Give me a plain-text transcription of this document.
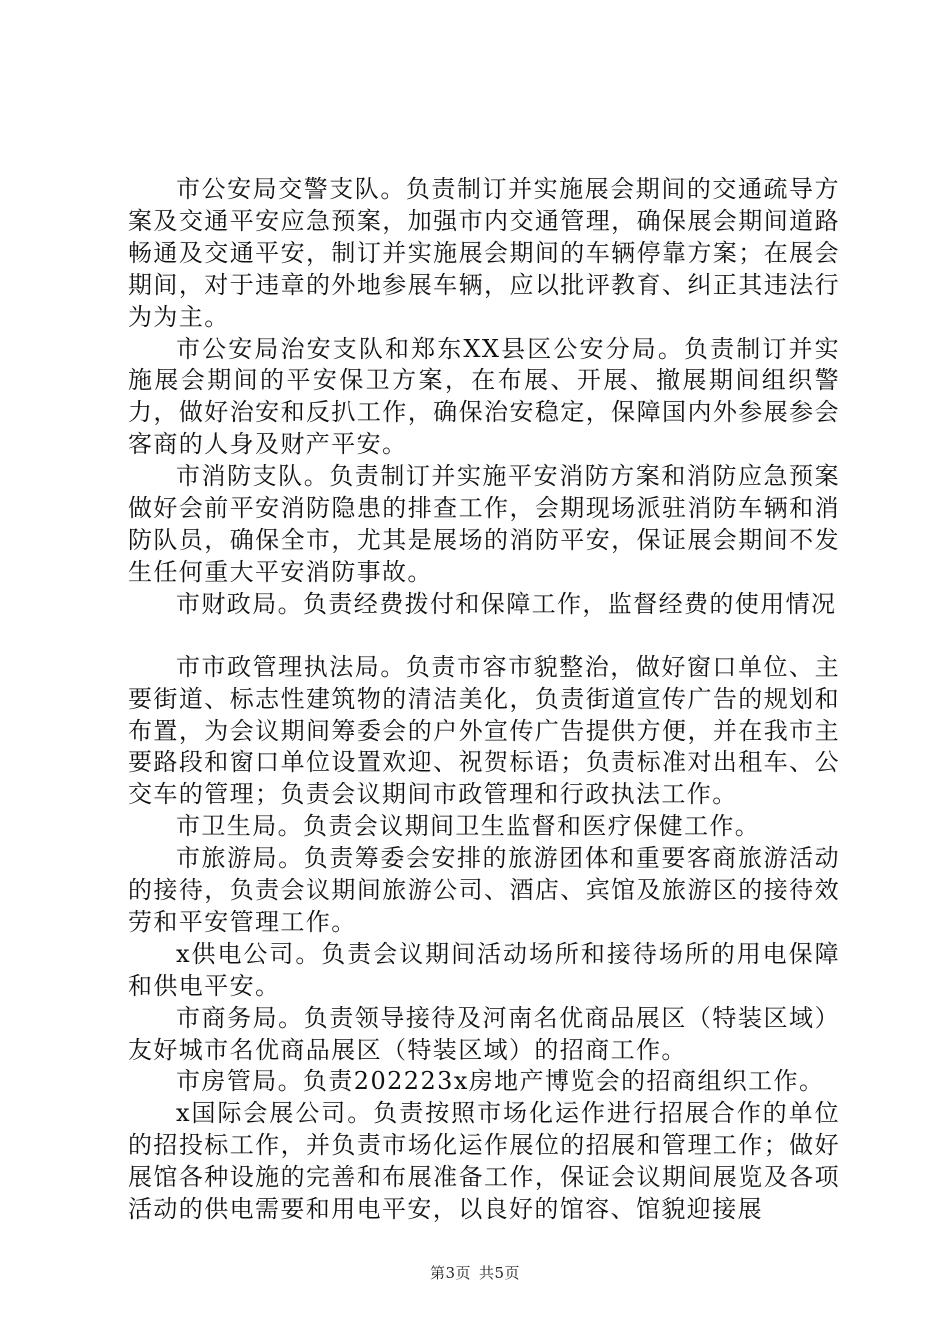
市公安局交警支队。负责制订并实施展会期间的交通疏导方案及交通平安应急预案，加强市内交通管理，确保展会期间道路畅通及交通平安，制订并实施展会期间的车辆停靠方案；在展会期间，对于违章的外地参展车辆，应以批评教育、纠正其违法行为为主。

市公安局治安支队和郑东XX县区公安分局。负责制订并实施展会期间的平安保卫方案，在布展、开展、撤展期间组织警力，做好治安和反扒工作，确保治安稳定，保障国内外参展参会客商的人身及财产平安。

市消防支队。负责制订并实施平安消防方案和消防应急预案做好会前平安消防隐患的排查工作，会期现场派驻消防车辆和消防队员，确保全市，尤其是展场的消防平安，保证展会期间不发生任何重大平安消防事故。

市财政局。负责经费拨付和保障工作，监督经费的使用情况

市市政管理执法局。负责市容市貌整治，做好窗口单位、主要街道、标志性建筑物的清洁美化，负责街道宣传广告的规划和布置，为会议期间筹委会的户外宣传广告提供方便，并在我市主要路段和窗口单位设置欢迎、祝贺标语；负责标准对出租车、公交车的管理；负责会议期间市政管理和行政执法工作。

市卫生局。负责会议期间卫生监督和医疗保健工作。

市旅游局。负责筹委会安排的旅游团体和重要客商旅游活动的接待，负责会议期间旅游公司、酒店、宾馆及旅游区的接待效劳和平安管理工作。

x供电公司。负责会议期间活动场所和接待场所的用电保障和供电平安。

市商务局。负责领导接待及河南名优商品展区（特装区域）友好城市名优商品展区（特装区域）的招商工作。

市房管局。负责202223x房地产博览会的招商组织工作。

x国际会展公司。负责按照市场化运作进行招展合作的单位的招投标工作，并负责市场化运作展位的招展和管理工作；做好展馆各种设施的完善和布展准备工作，保证会议期间展览及各项活动的供电需要和用电平安，以良好的馆容、馆貌迎接展

第3页 共5页
